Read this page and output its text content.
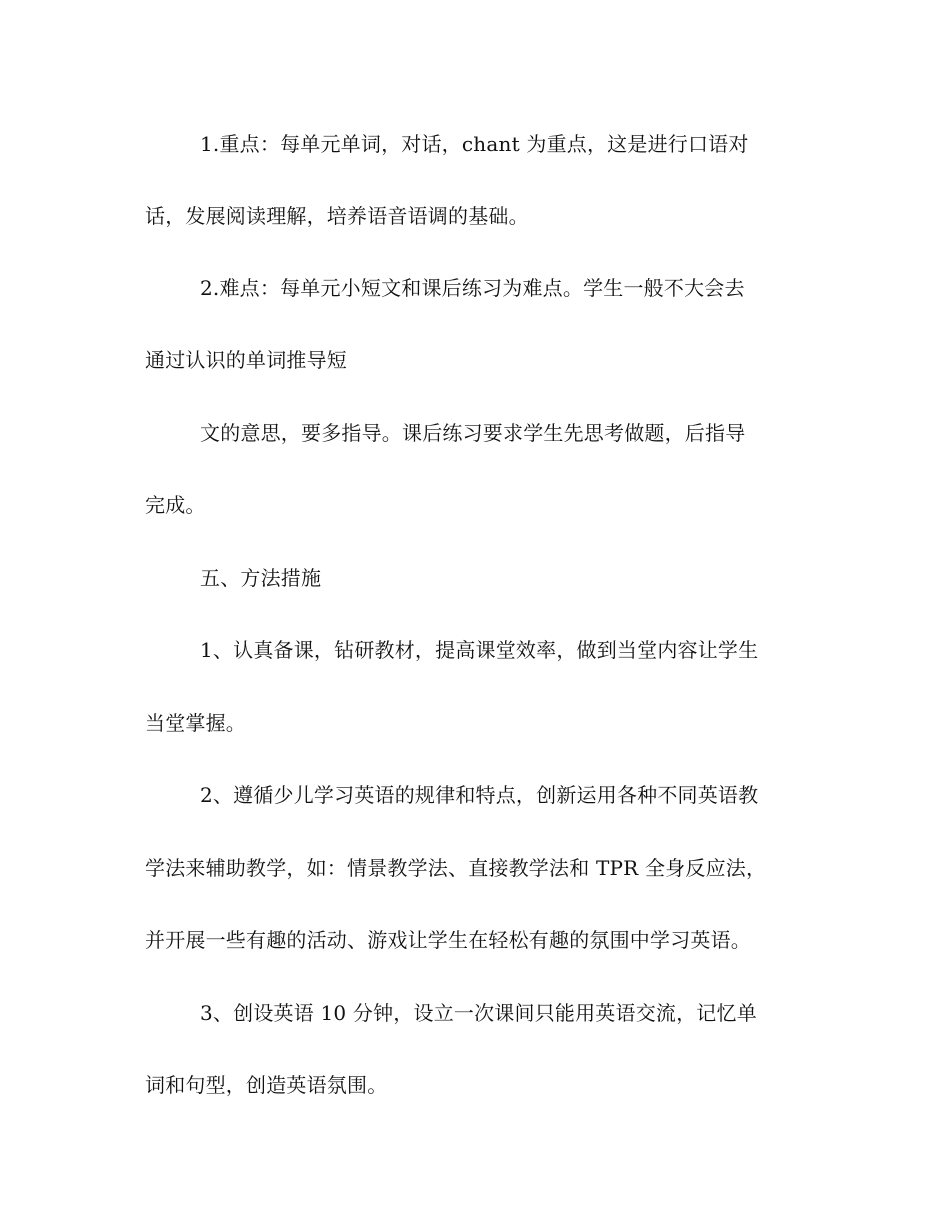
1.重点：每单元单词，对话，chant 为重点，这是进行口语对
话，发展阅读理解，培养语音语调的基础。
2.难点：每单元小短文和课后练习为难点。学生一般不大会去
通过认识的单词推导短
文的意思，要多指导。课后练习要求学生先思考做题，后指导
完成。
五、方法措施
1、认真备课，钻研教材，提高课堂效率，做到当堂内容让学生
当堂掌握。
2、遵循少儿学习英语的规律和特点，创新运用各种不同英语教
学法来辅助教学，如：情景教学法、直接教学法和 TPR 全身反应法，
并开展一些有趣的活动、游戏让学生在轻松有趣的氛围中学习英语。
3、创设英语 10 分钟，设立一次课间只能用英语交流，记忆单
词和句型，创造英语氛围。
